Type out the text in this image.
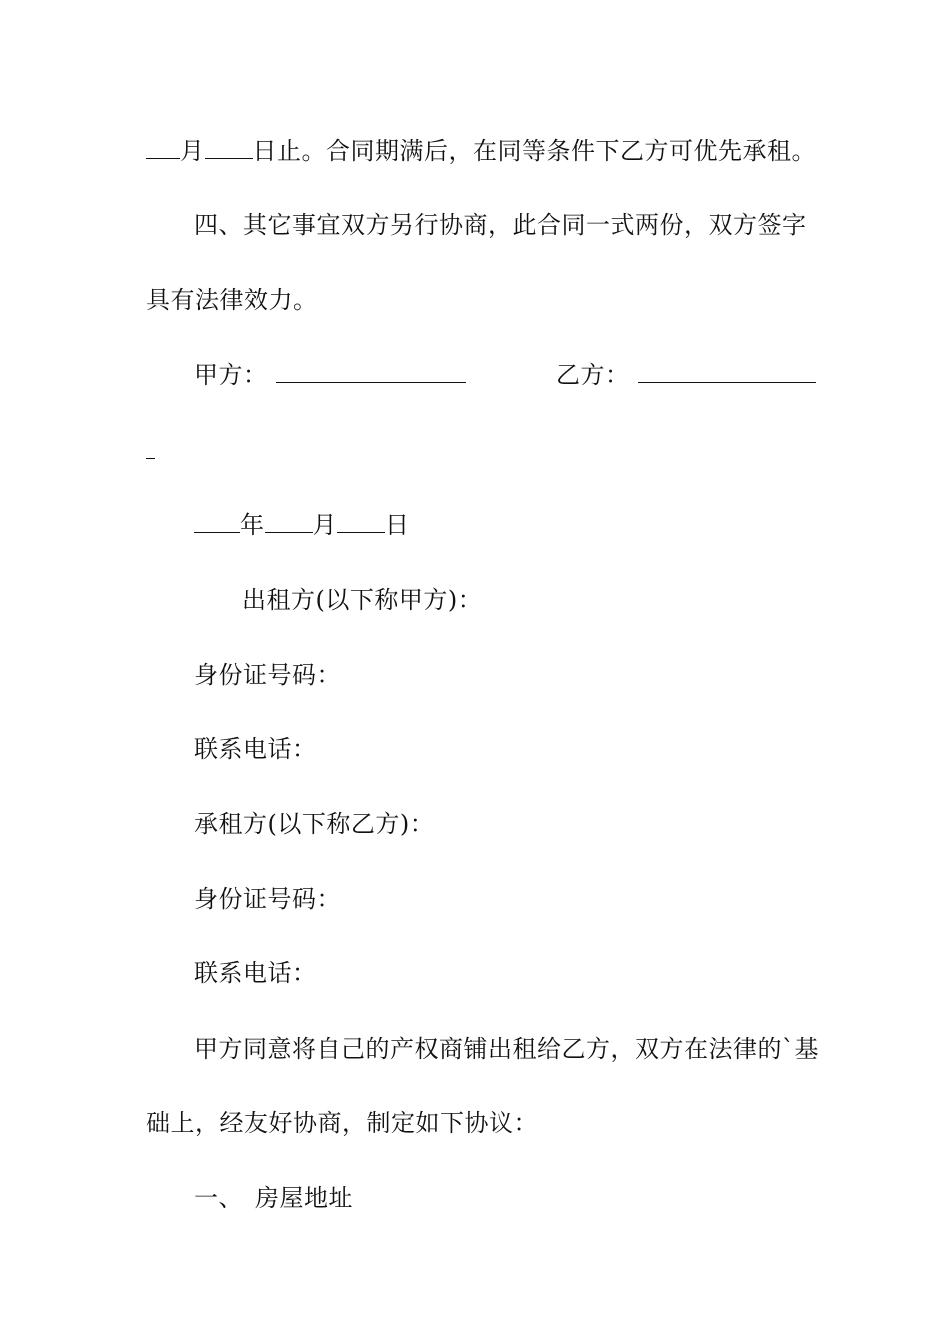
月 日止。合同期满后，在同等条件下乙方可优先承租。
四、其它事宜双方另行协商，此合同一式两份，双方签字
具有法律效力。
甲方：	乙方：
年 月 日
出租方(以下称甲方)：
身份证号码：
联系电话：
承租方(以下称乙方)：
身份证号码：
联系电话：
甲方同意将自己的产权商铺出租给乙方，双方在法律的`基
础上，经友好协商，制定如下协议：
一、 房屋地址
